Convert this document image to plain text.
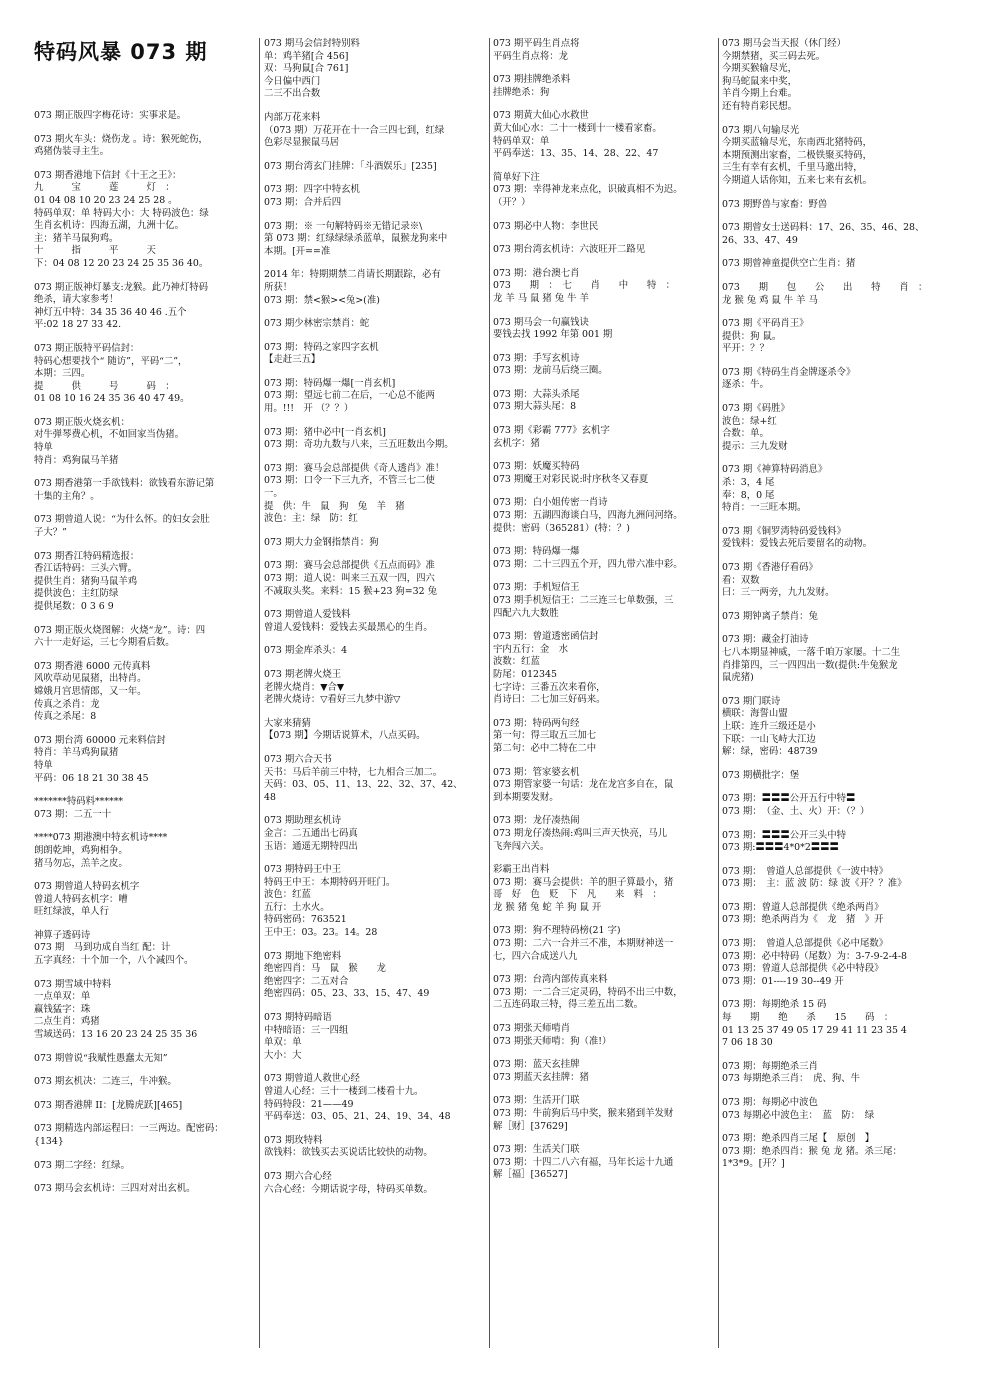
特码风暴 073 期
073 期正版四字梅花诗：实事求是。
073 期火车头：烧伤龙 。诗：猴死蛇伤，
鸡猪伪装寻主生。
073 期香港地下信封《十王之王》：
九　　　宝　　　莲　　　灯　：
01 04 08 10 20 23 24 25 28 。
特码单双：单 特码大小：大 特码波色：绿
生肖玄机诗：四海五湖，九洲十亿。
主：猪羊马鼠狗鸡。
十　　　指　　　平　　　天
下：04 08 12 20 23 24 25 35 36 40。
073 期正版神灯暴支:龙猴。此乃神灯特码
绝杀，请大家参考！
神灯五中特：34 35 36 40 46 .五个
平:02 18 27 33 42.
073 期正版特平码信封：
特码心想要找个“ 随访”，平码“二”，
本期：三四。
提　　　供　　　号　　　码　：
01 08 10 16 24 35 36 40 47 49。
073 期正版火烧玄机：
对牛弹琴费心机，不如回家当伪猪。
特单
特肖：鸡狗鼠马羊猪
073 期香港第一手欲钱料：欲钱看东游记第
十集的主角？。
073 期曾道人说：“为什么怀。的妇女会肚
子大？”
073 期香江特码精选报：
香江话特码：三头六臂。
提供生肖：猪狗马鼠羊鸡
提供波色：主红防绿
提供尾数：0 3 6 9
073 期正版火烧图解：火烧“龙”。诗：四
六十一走好运，三七今期看后数。
073 期香港 6000 元传真料
风吹草动见鼠猪，出特肖。
嫦娥月宫思情郎，又一年。
传真之杀肖：龙
传真之杀尾：8
073 期台湾 60000 元来料信封
特肖：羊马鸡狗鼠猪
特单
平码：06 18 21 30 38 45
*******特码料******
073 期：二五一十
****073 期港澳中特玄机诗****
朗朗乾坤，鸡狗相争。
猪马勿忘，羔羊之皮。
073 期曾道人特码玄机字
曾道人特码玄机字：嘈
旺红绿波，单人行
神算子透码诗
073 期　马到功成自当红 配：计
五字真经：十个加一个，八个减四个。
073 期雪域中特料
一点单双：单
赢钱猛字：珠
二点生肖：鸡猪
雪域送码：13 16 20 23 24 25 35 36
073 期曾说“我赋性愚蠢太无知”
073 期玄机决：二连三，牛冲猴。
073 期香港牌 II：[龙腾虎跃][465]
073 期精选内部运程曰：一三两边。配密码：
{134}
073 期二字经：红绿。
073 期马会玄机诗：三四对对出玄机。
073 期马会信封特别料
单：鸡羊猪[合 456]
双：马狗鼠[合 761]
今日偏中西门
二三不出合数
内部万花来料
（073 期）万花开在十一合三四七到，红绿
色彩尽显猴鼠马居
073 期台湾玄门挂牌：「斗酒娱乐」[235]
073 期：四字中特玄机
073 期：合并后四
073 期：※ 一句解特码※无错记录※\
第 073 期：红绿绿绿杀蓝单，鼠猴龙狗来中
本期。[开==准
2014 年：特期期禁二肖请长期跟踪，必有
所获！
073 期：禁<猴><兔>(准)
073 期少林密宗禁肖：蛇
073 期：特码之家四字玄机
【走赶三五】
073 期：特码爆一爆[一肖玄机]
073 期：望远七前二在后，一心总不能两
用。!!!　开 （？？）
073 期：猪中必中[一肖玄机]
073 期：奇功九数与八来，三五旺数出今期。
073 期：赛马会总部提供《奇人透肖》准！
073 期：口令一下三九齐，不管三七二使
一。
提　供：牛　鼠　狗　兔　羊　猪
波色：主：绿　防：红
073 期大力金钢指禁肖：狗
073 期：赛马会总部提供《五点而码》准
073 期：道人说：叫来三五双一四，四六
不减取头奖。来料：15 猴+23 狗=32 兔
073 期曾道人爱钱料
曾道人爱钱料：爱钱去买最黑心的生肖。
073 期金库杀头：4
073 期老牌火烧王
老牌火烧肖：▼合▼
老牌火烧诗：▽看好三九梦中游▽
大家来猜猜
【073 期】今期话说算术，八点买码。
073 期六合天书
天书：马后羊前三中特，七九相合三加二。
天码：03、05、11、13、22、32、37、42、
48
073 期助理玄机诗
金言：二五通出七码真
玉语：通遥无期特四出
073 期特码王中王
特码王中王：本期特码开旺门。
波色：红蓝
五行：土水火。
特码密码：763521
王中王：03。23。14。28
073 期地下绝密料
绝密四肖：马　鼠　猴　　龙
绝密四字：二五对合
绝密四码：05、23、33、15、47、49
073 期特码暗语
中特暗语：三一四组
单双：单
大小：大
073 期曾道人救世心经
曾道人心经：三十一楼到二楼看十九。
特码特段：21——49
平码奉送：03、05、21、24、19、34、48
073 期玫特料
欲钱料：欲钱买去买说话比较快的动物。
073 期六合心经
六合心经：今期话说字母，特码买单数。
073 期平码生肖点将
平码生肖点将：龙
073 期挂牌绝杀料
挂牌绝杀：狗
073 期黄大仙心水救世
黄大仙心水：二十一楼到十一楼看家畜。
特码单双：单
平码奉送：13、35、14、28、22、47
简单好下注
073 期：幸得神龙来点化，识破真相不为迟。
（开？）
073 期必中人物：李世民
073 期台湾玄机诗：六波旺开二路见
073 期：港台澳七肖
073　　期　：　七　　肖　　中　　特　：
龙 羊 马 鼠 猪 兔 牛 羊
073 期马会一句赢钱诀
要钱去找 1992 年第 001 期
073 期：手写玄机诗
073 期：龙前马后绕三圈。
073 期：大蒜头杀尾
073 期大蒜头尾：8
073 期《彩霸 777》玄机字
玄机字：猪
073 期：妖魔买特码
073 期魔王对彩民说:时序秋冬又春夏
073 期：白小姐传密一肖诗
073 期：五湖四海谈白马，四海九洲问河络。
提供：密码（365281）(特：？)
073 期：特码爆一爆
073 期：二十三四五个开，四九带六准中彩。
073 期：手机短信王
073 期手机短信王：二三连三七单数强，三
四配六九大数胜
073 期：曾道透密函信封
宇内五行：金　水
波数：红蓝
防尾：012345
七字诗：三番五次来看你，
肖诗曰：二七加三好码来。
073 期：特码两句经
第一句：得三取五三加七
第二句：必中二特在二中
073 期：管家婆玄机
073 期管家婆一句话：龙在龙宫多自在，鼠
到本期要发财。
073 期：龙仔凑热闹
073 期龙仔凑热闹:鸡叫三声天快亮，马儿
飞奔闯六关。
彩霸王出肖料
073 期：赛马会提供：羊的胆子算最小，猪
哥　好　色　贬　下　凡　　来　料　：
龙 猴 猪 兔 蛇 羊 狗 鼠 开
073 期：狗不理特码榜(21 字)
073 期：二六一合并三不准，本期财神送一
七，四六合成送八九
073 期：台湾内部传真来料
073 期：一二合三定灵码，特码不出三中数，
二五连码取三特，得三差五出二数。
073 期张天师啃肖
073 期张天师啃：狗（准!）
073 期：蓝天玄挂牌
073 期蓝天玄挂牌：猪
073 期：生活开门联
073 期：牛前狗后马中奖，猴来猪到羊发财
解［财］[37629]
073 期：生活关门联
073 期：十四二八六有福，马年长运十九通
解［福］[36527]
073 期马会当天报（休门经）
今期禁猪，买三码去死。
今期买猴输尽光，
狗马蛇鼠来中奖，
羊肖今期上台难。
还有特肖彩民想。
073 期八句输尽光
今期买蓝输尽光，东南西北猪特码，
本期预测出家畜，二极铁聚买特码，
三生有幸有玄机，千里马邀出特，
今期道人话你知，五来七来有玄机。
073 期野兽与家畜：野兽
073 期曾女士送码料：17、26、35、46、28、
26、33、47、49
073 期曾神童提供空亡生肖：猪
073　　期　　包　　公　　出　　特　　肖　：
龙 猴 兔 鸡 鼠 牛 羊 马
073 期《平码肖王》
提供：狗 鼠。
平开：？？
073 期《特码生肖金牌逐杀令》
逐杀：牛。
073 期《码胜》
波色：绿+红
合数：单。
提示：三九发财
073 期《神算特码消息》
杀：3，4 尾
奉：8，0 尾
特肖：一三旺本期。
073 期《铜罗湾特码爱钱料》
爱钱料：爱钱去死后要留名的动物。
073 期《香港仔看码》
看：双数
曰：三一两旁，九九发财。
073 期钟离子禁肖：兔
073 期：藏金打油诗
七八本期显神威，一落千咱万家屡。十二生
肖排第四，三一四四出一数(提供:牛兔猴龙
鼠虎猪)
073 期门联诗
横联：海誓山盟
上联：连升三级还是小
下联：一山飞峙大江边
解：绿，密码：48739
073 期横批字：堡
073 期：〓〓〓公开五行中特〓
073 期：　（金、土、火）开：（？）
073 期：〓〓〓公开三头中特
073 期:〓〓〓4*0*2〓〓〓
073 期：　曾道人总部提供《一波中特》
073 期：　主：蓝 波 防：绿 波《开？？准》
073 期：曾道人总部提供《绝杀两肖》
073 期：绝杀两肖为《　龙　猪　》开
073 期：　曾道人总部提供《必中尾数》
073 期：必中特码（尾数）为：3-7-9-2-4-8
073 期：曾道人总部提供《必中特段》
073 期：01----19 30--49 开
073 期：每期绝杀 15 码
每　　期　　绝　　杀　　15　　码　：
01 13 25 37 49 05 17 29 41 11 23 35 4
7 06 18 30
073 期：每期绝杀三肖
073 每期绝杀三肖：　虎、狗、牛
073 期：每期必中波色
073 每期必中波色主：　蓝　防：　绿
073 期：绝杀四肖三尾【　原创　】
073 期：绝杀四肖：猴 兔 龙 猪。杀三尾：
1*3*9。[开？]
